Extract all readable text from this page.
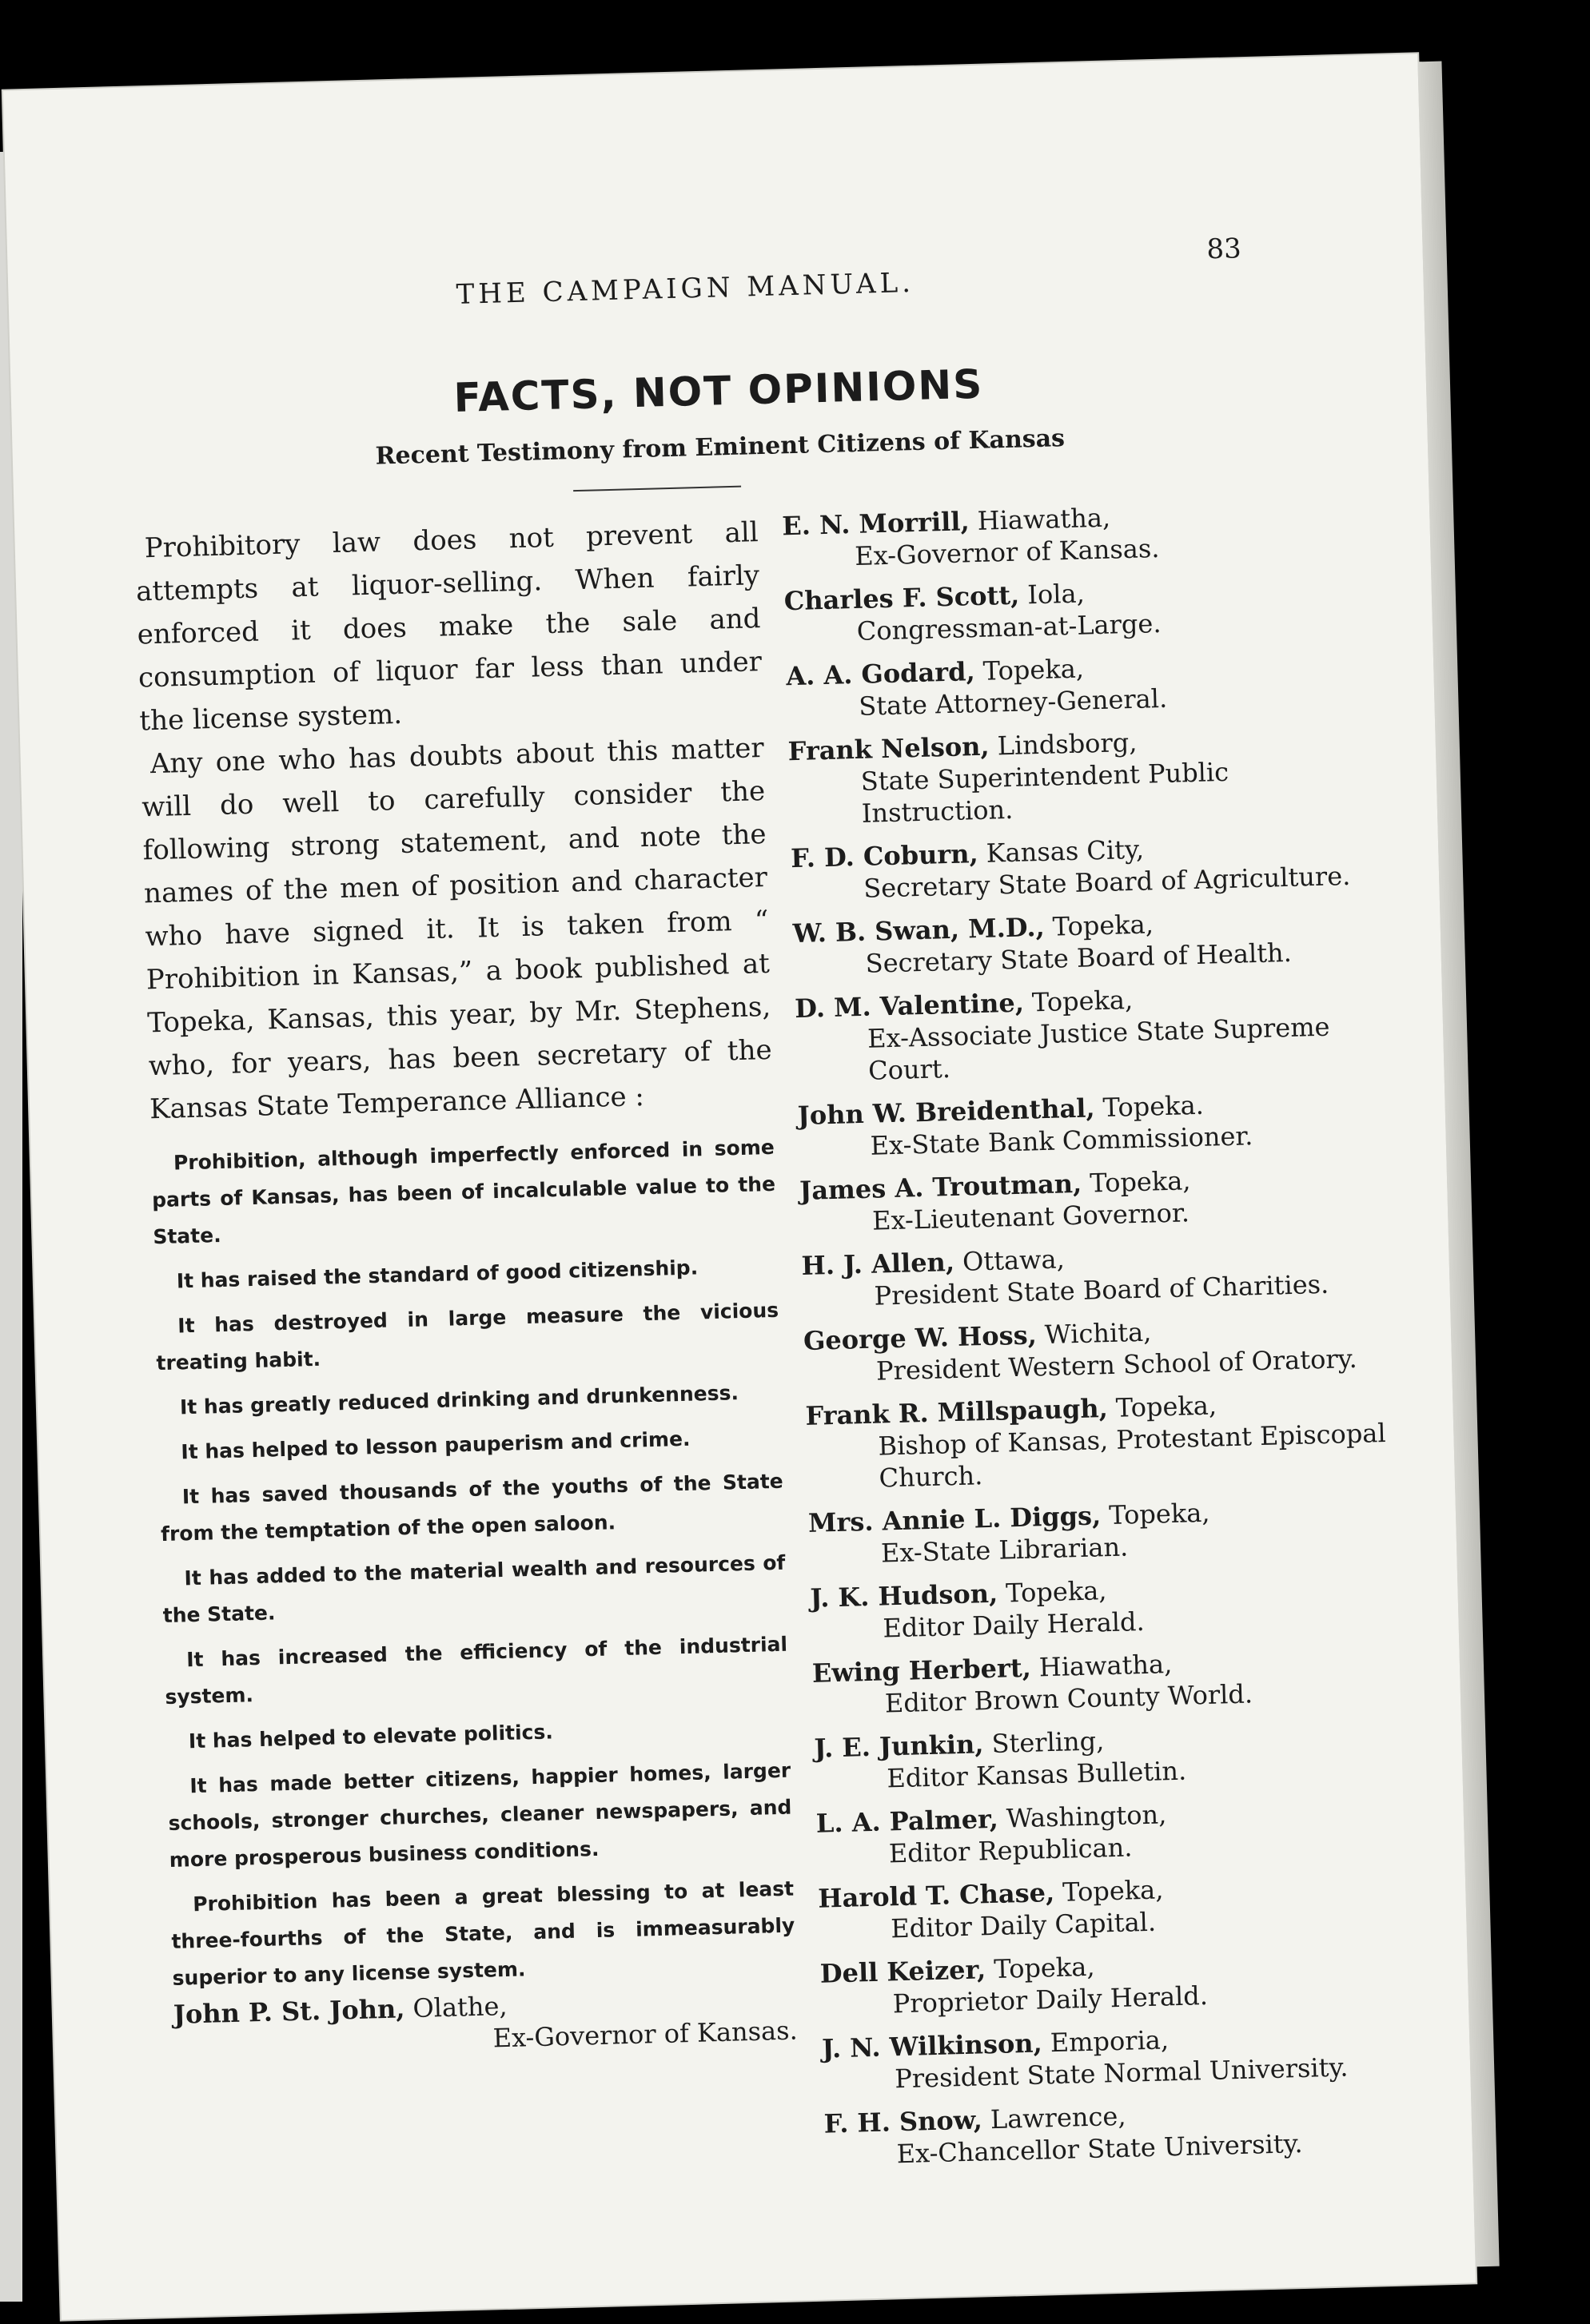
THE CAMPAIGN MANUAL.
83
FACTS, NOT OPINIONS
Recent Testimony from Eminent Citizens of Kansas

Prohibitory law does not prevent all attempts at liquor-selling. When fairly enforced it does make the sale and consumption of liquor far less than under the license system.

Any one who has doubts about this matter will do well to carefully consider the following strong statement, and note the names of the men of position and character who have signed it. It is taken from “ Prohibition in Kansas,” a book published at Topeka, Kansas, this year, by Mr. Stephens, who, for years, has been secretary of the Kansas State Temperance Alliance :

Prohibition, although imperfectly enforced in some parts of Kansas, has been of incalculable value to the State.

It has raised the standard of good citizenship.

It has destroyed in large measure the vicious treating habit.

It has greatly reduced drinking and drunkenness.

It has helped to lesson pauperism and crime.

It has saved thousands of the youths of the State from the temptation of the open saloon.

It has added to the material wealth and resources of the State.

It has increased the efficiency of the industrial system.

It has helped to elevate politics.

It has made better citizens, happier homes, larger schools, stronger churches, cleaner newspapers, and more prosperous business conditions.

Prohibition has been a great blessing to at least three-fourths of the State, and is immeasurably superior to any license system.

John P. St. John, Olathe,
Ex-Governor of Kansas.
E. N. Morrill, Hiawatha,
Ex-Governor of Kansas.
Charles F. Scott, Iola,
Congressman-at-Large.
A. A. Godard, Topeka,
State Attorney-General.
Frank Nelson, Lindsborg,
State Superintendent Public Instruction.
F. D. Coburn, Kansas City,
Secretary State Board of Agriculture.
W. B. Swan, M.D., Topeka,
Secretary State Board of Health.
D. M. Valentine, Topeka,
Ex-Associate Justice State Supreme Court.
John W. Breidenthal, Topeka.
Ex-State Bank Commissioner.
James A. Troutman, Topeka,
Ex-Lieutenant Governor.
H. J. Allen, Ottawa,
President State Board of Charities.
George W. Hoss, Wichita,
President Western School of Oratory.
Frank R. Millspaugh, Topeka,
Bishop of Kansas, Protestant Episcopal Church.
Mrs. Annie L. Diggs, Topeka,
Ex-State Librarian.
J. K. Hudson, Topeka,
Editor Daily Herald.
Ewing Herbert, Hiawatha,
Editor Brown County World.
J. E. Junkin, Sterling,
Editor Kansas Bulletin.
L. A. Palmer, Washington,
Editor Republican.
Harold T. Chase, Topeka,
Editor Daily Capital.
Dell Keizer, Topeka,
Proprietor Daily Herald.
J. N. Wilkinson, Emporia,
President State Normal University.
F. H. Snow, Lawrence,
Ex-Chancellor State University.
